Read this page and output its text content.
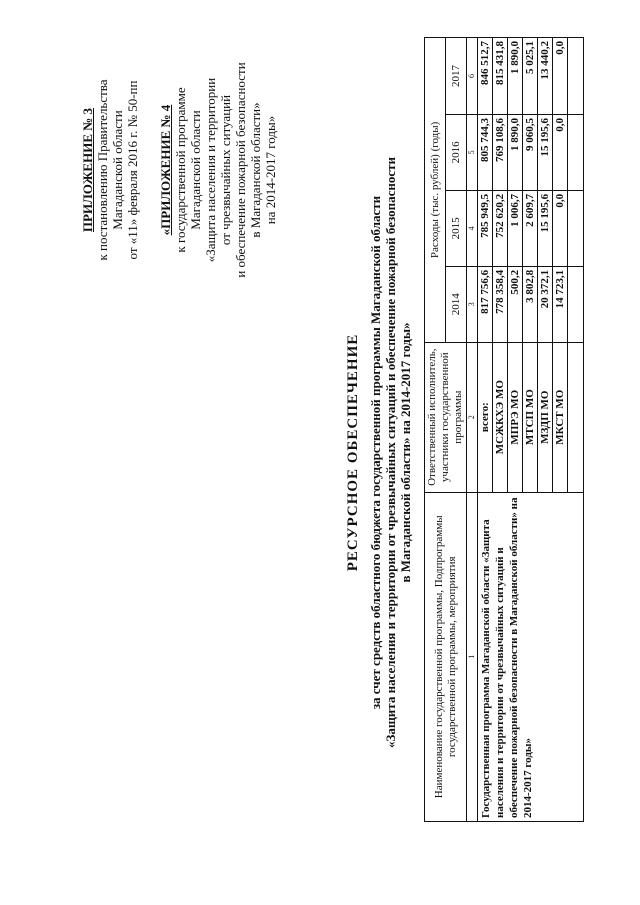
ПРИЛОЖЕНИЕ № 3 к постановлению Правительства Магаданской области от «11» февраля 2016 г. № 50-пп «ПРИЛОЖЕНИЕ № 4 к государственной программе Магаданской области «Защита населения и территории от чрезвычайных ситуаций и обеспечение пожарной безопасности в Магаданской области» на 2014-2017 годы»
РЕСУРСНОЕ ОБЕСПЕЧЕНИЕ за счет средств областного бюджета государственной программы Магаданской области «Защита населения и территории от чрезвычайных ситуаций и обеспечение пожарной безопасности в Магаданской области» на 2014-2017 годы»
Наименование государственной программы, Подпрограммы государственной программы, мероприятия	Ответственный исполнитель, участники государственной программы	Расходы (тыс. рублей) (годы)			
		2014	2015	2016	2017
1	2	3	4	5	6
Государственная программа Магаданской области «Защита населения и территории от чрезвычайных ситуаций и обеспечение пожарной безопасности в Магаданской области» на 2014-2017 годы»	всего:	817 756,6	785 949,5	805 744,3	846 512,7
	МСЖКХЭ МО	778 358,4	752 620,2	769 108,6	815 431,8
	МПРЭ МО	500,2	1 006,7	1 890,0	1 890,0
	МТСП МО	3 802,8	2 609,7	9 060,5	5 025,1
	МЗДП МО	20 372,1	15 195,6	15 195,6	13 440,2
	МКСТ МО	14 723,1	0,0	0,0	0,0
